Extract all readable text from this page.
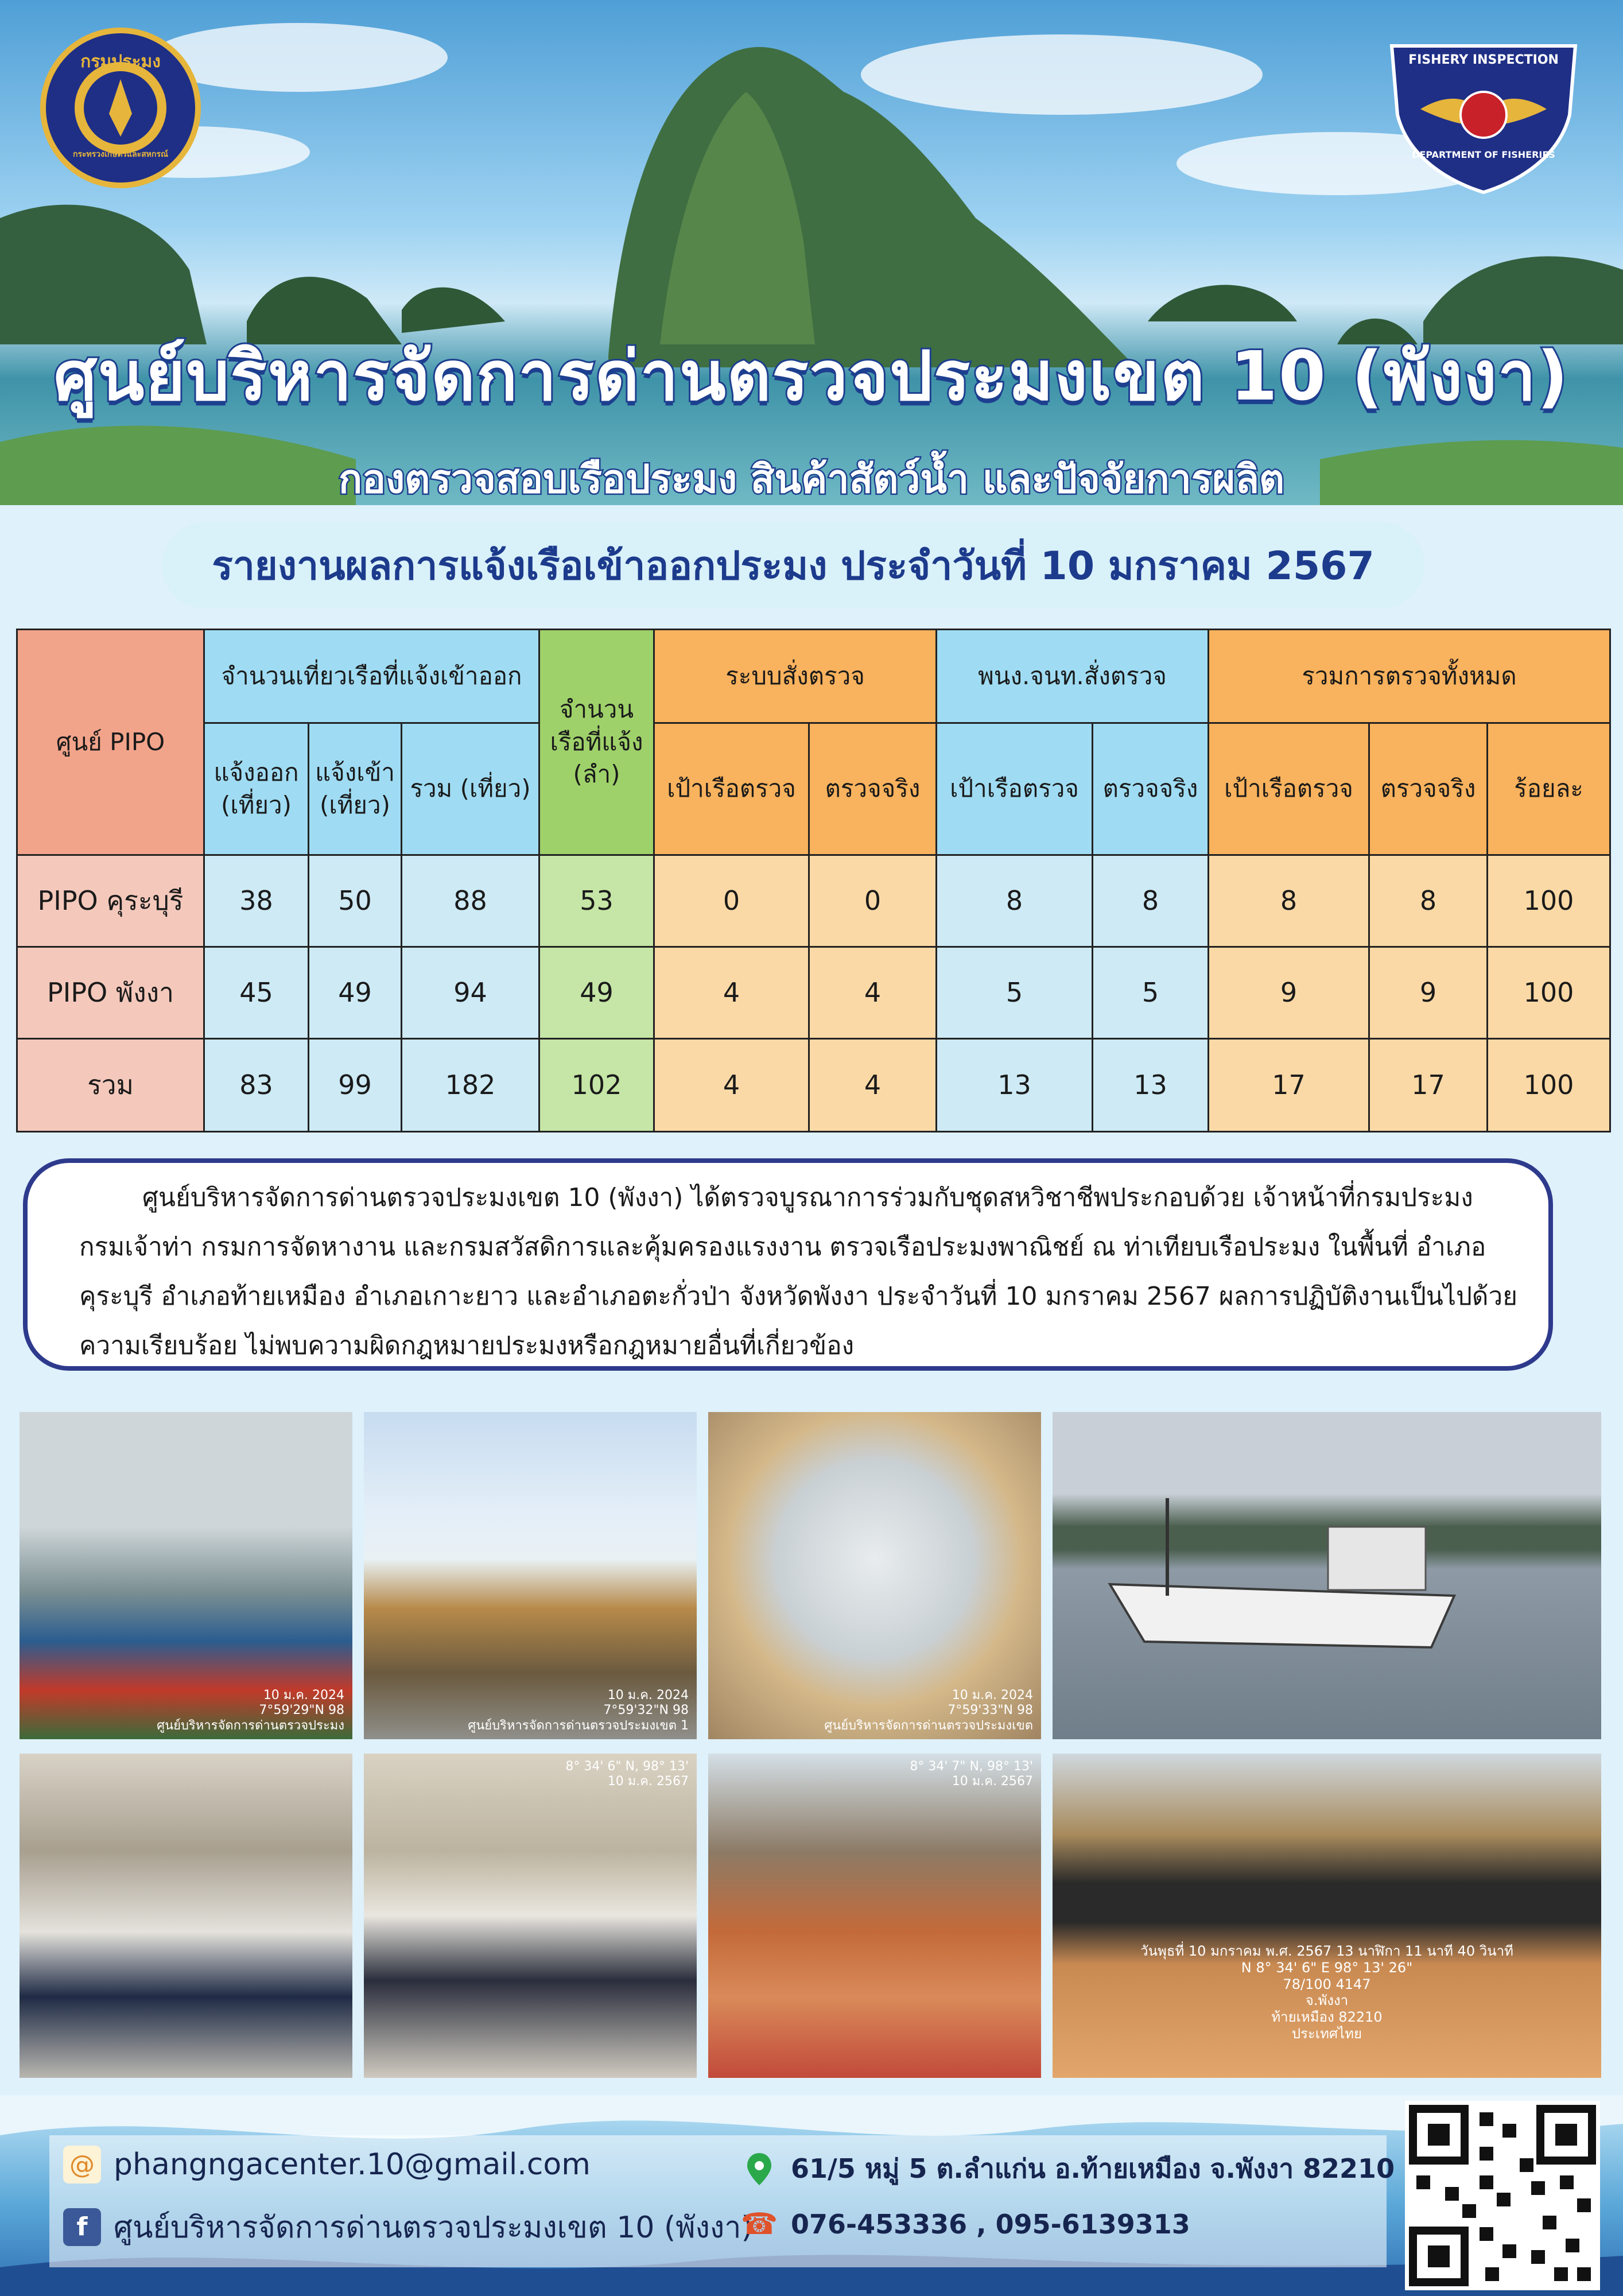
กรมประมง
กระทรวงเกษตรและสหกรณ์
FISHERY INSPECTION
DEPARTMENT OF FISHERIES
ศูนย์บริหารจัดการด่านตรวจประมงเขต 10 (พังงา)
กองตรวจสอบเรือประมง สินค้าสัตว์น้ำ และปัจจัยการผลิต
รายงานผลการแจ้งเรือเข้าออกประมง ประจำวันที่ 10 มกราคม 2567
ศูนย์ PIPO	จำนวนเที่ยวเรือที่แจ้งเข้าออก			จำนวนเรือที่แจ้ง (ลำ)	ระบบสั่งตรวจ		พนง.จนท.สั่งตรวจ		รวมการตรวจทั้งหมด		
	แจ้งออก (เที่ยว)	แจ้งเข้า (เที่ยว)	รวม (เที่ยว)		เป้าเรือตรวจ	ตรวจจริง	เป้าเรือตรวจ	ตรวจจริง	เป้าเรือตรวจ	ตรวจจริง	ร้อยละ
PIPO คุระบุรี	38	50	88	53	0	0	8	8	8	8	100
PIPO พังงา	45	49	94	49	4	4	5	5	9	9	100
รวม	83	99	182	102	4	4	13	13	17	17	100
ศูนย์บริหารจัดการด่านตรวจประมงเขต 10 (พังงา) ได้ตรวจบูรณาการร่วมกับชุดสหวิชาชีพประกอบด้วย เจ้าหน้าที่กรมประมง กรมเจ้าท่า กรมการจัดหางาน และกรมสวัสดิการและคุ้มครองแรงงาน ตรวจเรือประมงพาณิชย์ ณ ท่าเทียบเรือประมง ในพื้นที่ อำเภอคุระบุรี อำเภอท้ายเหมือง อำเภอเกาะยาว และอำเภอตะกั่วป่า จังหวัดพังงา ประจำวันที่ 10 มกราคม 2567 ผลการปฏิบัติงานเป็นไปด้วยความเรียบร้อย ไม่พบความผิดกฎหมายประมงหรือกฎหมายอื่นที่เกี่ยวข้อง
10 ม.ค. 2024
7°59'29"N 98
ศูนย์บริหารจัดการด่านตรวจประมง
10 ม.ค. 2024
7°59'32"N 98
ศูนย์บริหารจัดการด่านตรวจประมงเขต 1
10 ม.ค. 2024
7°59'33"N 98
ศูนย์บริหารจัดการด่านตรวจประมงเขต
8° 34' 6" N, 98° 13'
10 ม.ค. 2567
8° 34' 7" N, 98° 13'
10 ม.ค. 2567
วันพุธที่ 10 มกราคม พ.ศ. 2567 13 นาฬิกา 11 นาที 40 วินาที
N 8° 34' 6" E 98° 13' 26"
78/100 4147
จ.พังงา
ท้ายเหมือง 82210
ประเทศไทย
@ phangngacenter.10@gmail.com
f ศูนย์บริหารจัดการด่านตรวจประมงเขต 10 (พังงา)
61/5 หมู่ 5 ต.ลำแก่น อ.ท้ายเหมือง จ.พังงา 82210
☎ 076-453336 , 095-6139313
